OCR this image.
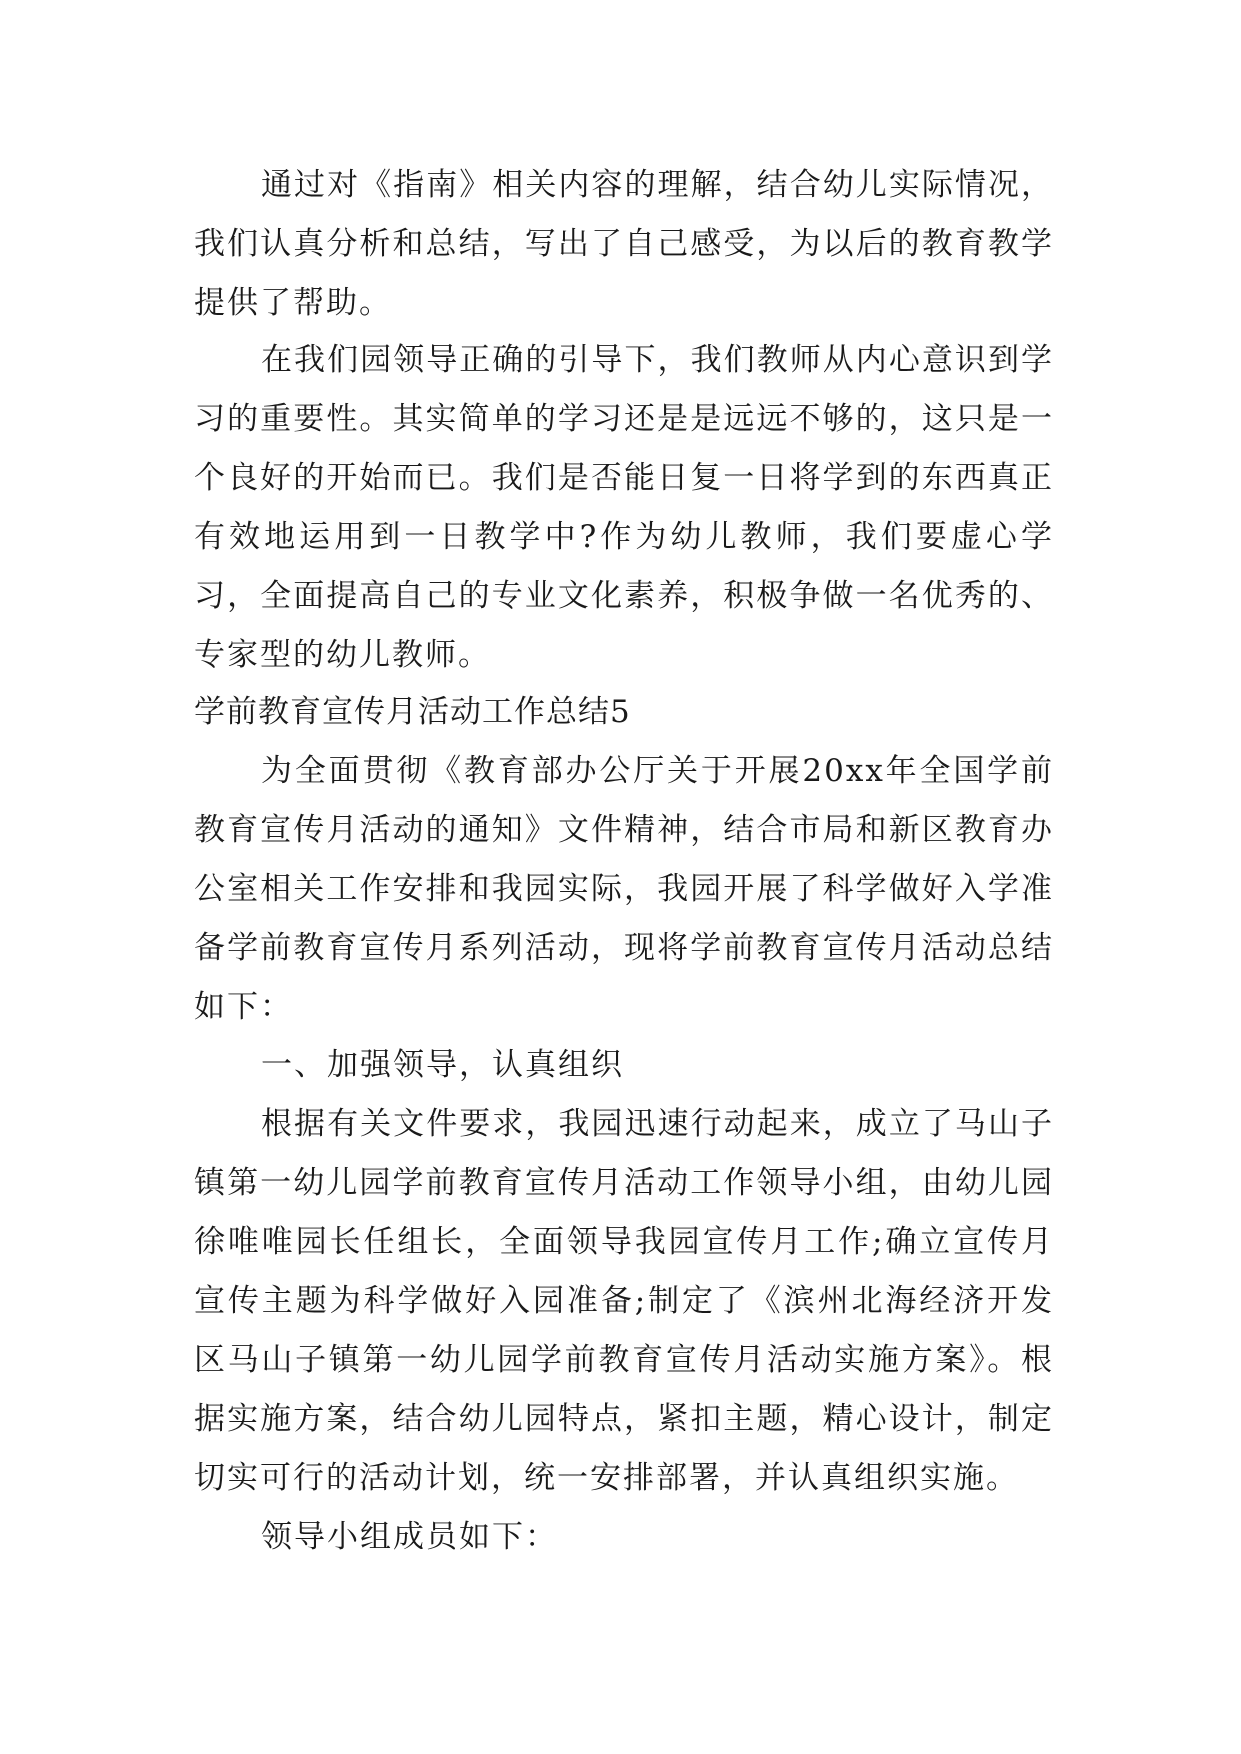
通过对《指南》相关内容的理解，结合幼儿实际情况，我们认真分析和总结，写出了自己感受，为以后的教育教学提供了帮助。

在我们园领导正确的引导下，我们教师从内心意识到学习的重要性。其实简单的学习还是是远远不够的，这只是一个良好的开始而已。我们是否能日复一日将学到的东西真正有效地运用到一日教学中?作为幼儿教师，我们要虚心学习，全面提高自己的专业文化素养，积极争做一名优秀的、专家型的幼儿教师。

学前教育宣传月活动工作总结5

为全面贯彻《教育部办公厅关于开展20xx年全国学前教育宣传月活动的通知》文件精神，结合市局和新区教育办公室相关工作安排和我园实际，我园开展了科学做好入学准备学前教育宣传月系列活动，现将学前教育宣传月活动总结如下：

一、加强领导，认真组织

根据有关文件要求，我园迅速行动起来，成立了马山子镇第一幼儿园学前教育宣传月活动工作领导小组，由幼儿园徐唯唯园长任组长，全面领导我园宣传月工作;确立宣传月宣传主题为科学做好入园准备;制定了《滨州北海经济开发区马山子镇第一幼儿园学前教育宣传月活动实施方案》。根据实施方案，结合幼儿园特点，紧扣主题，精心设计，制定切实可行的活动计划，统一安排部署，并认真组织实施。

领导小组成员如下：
